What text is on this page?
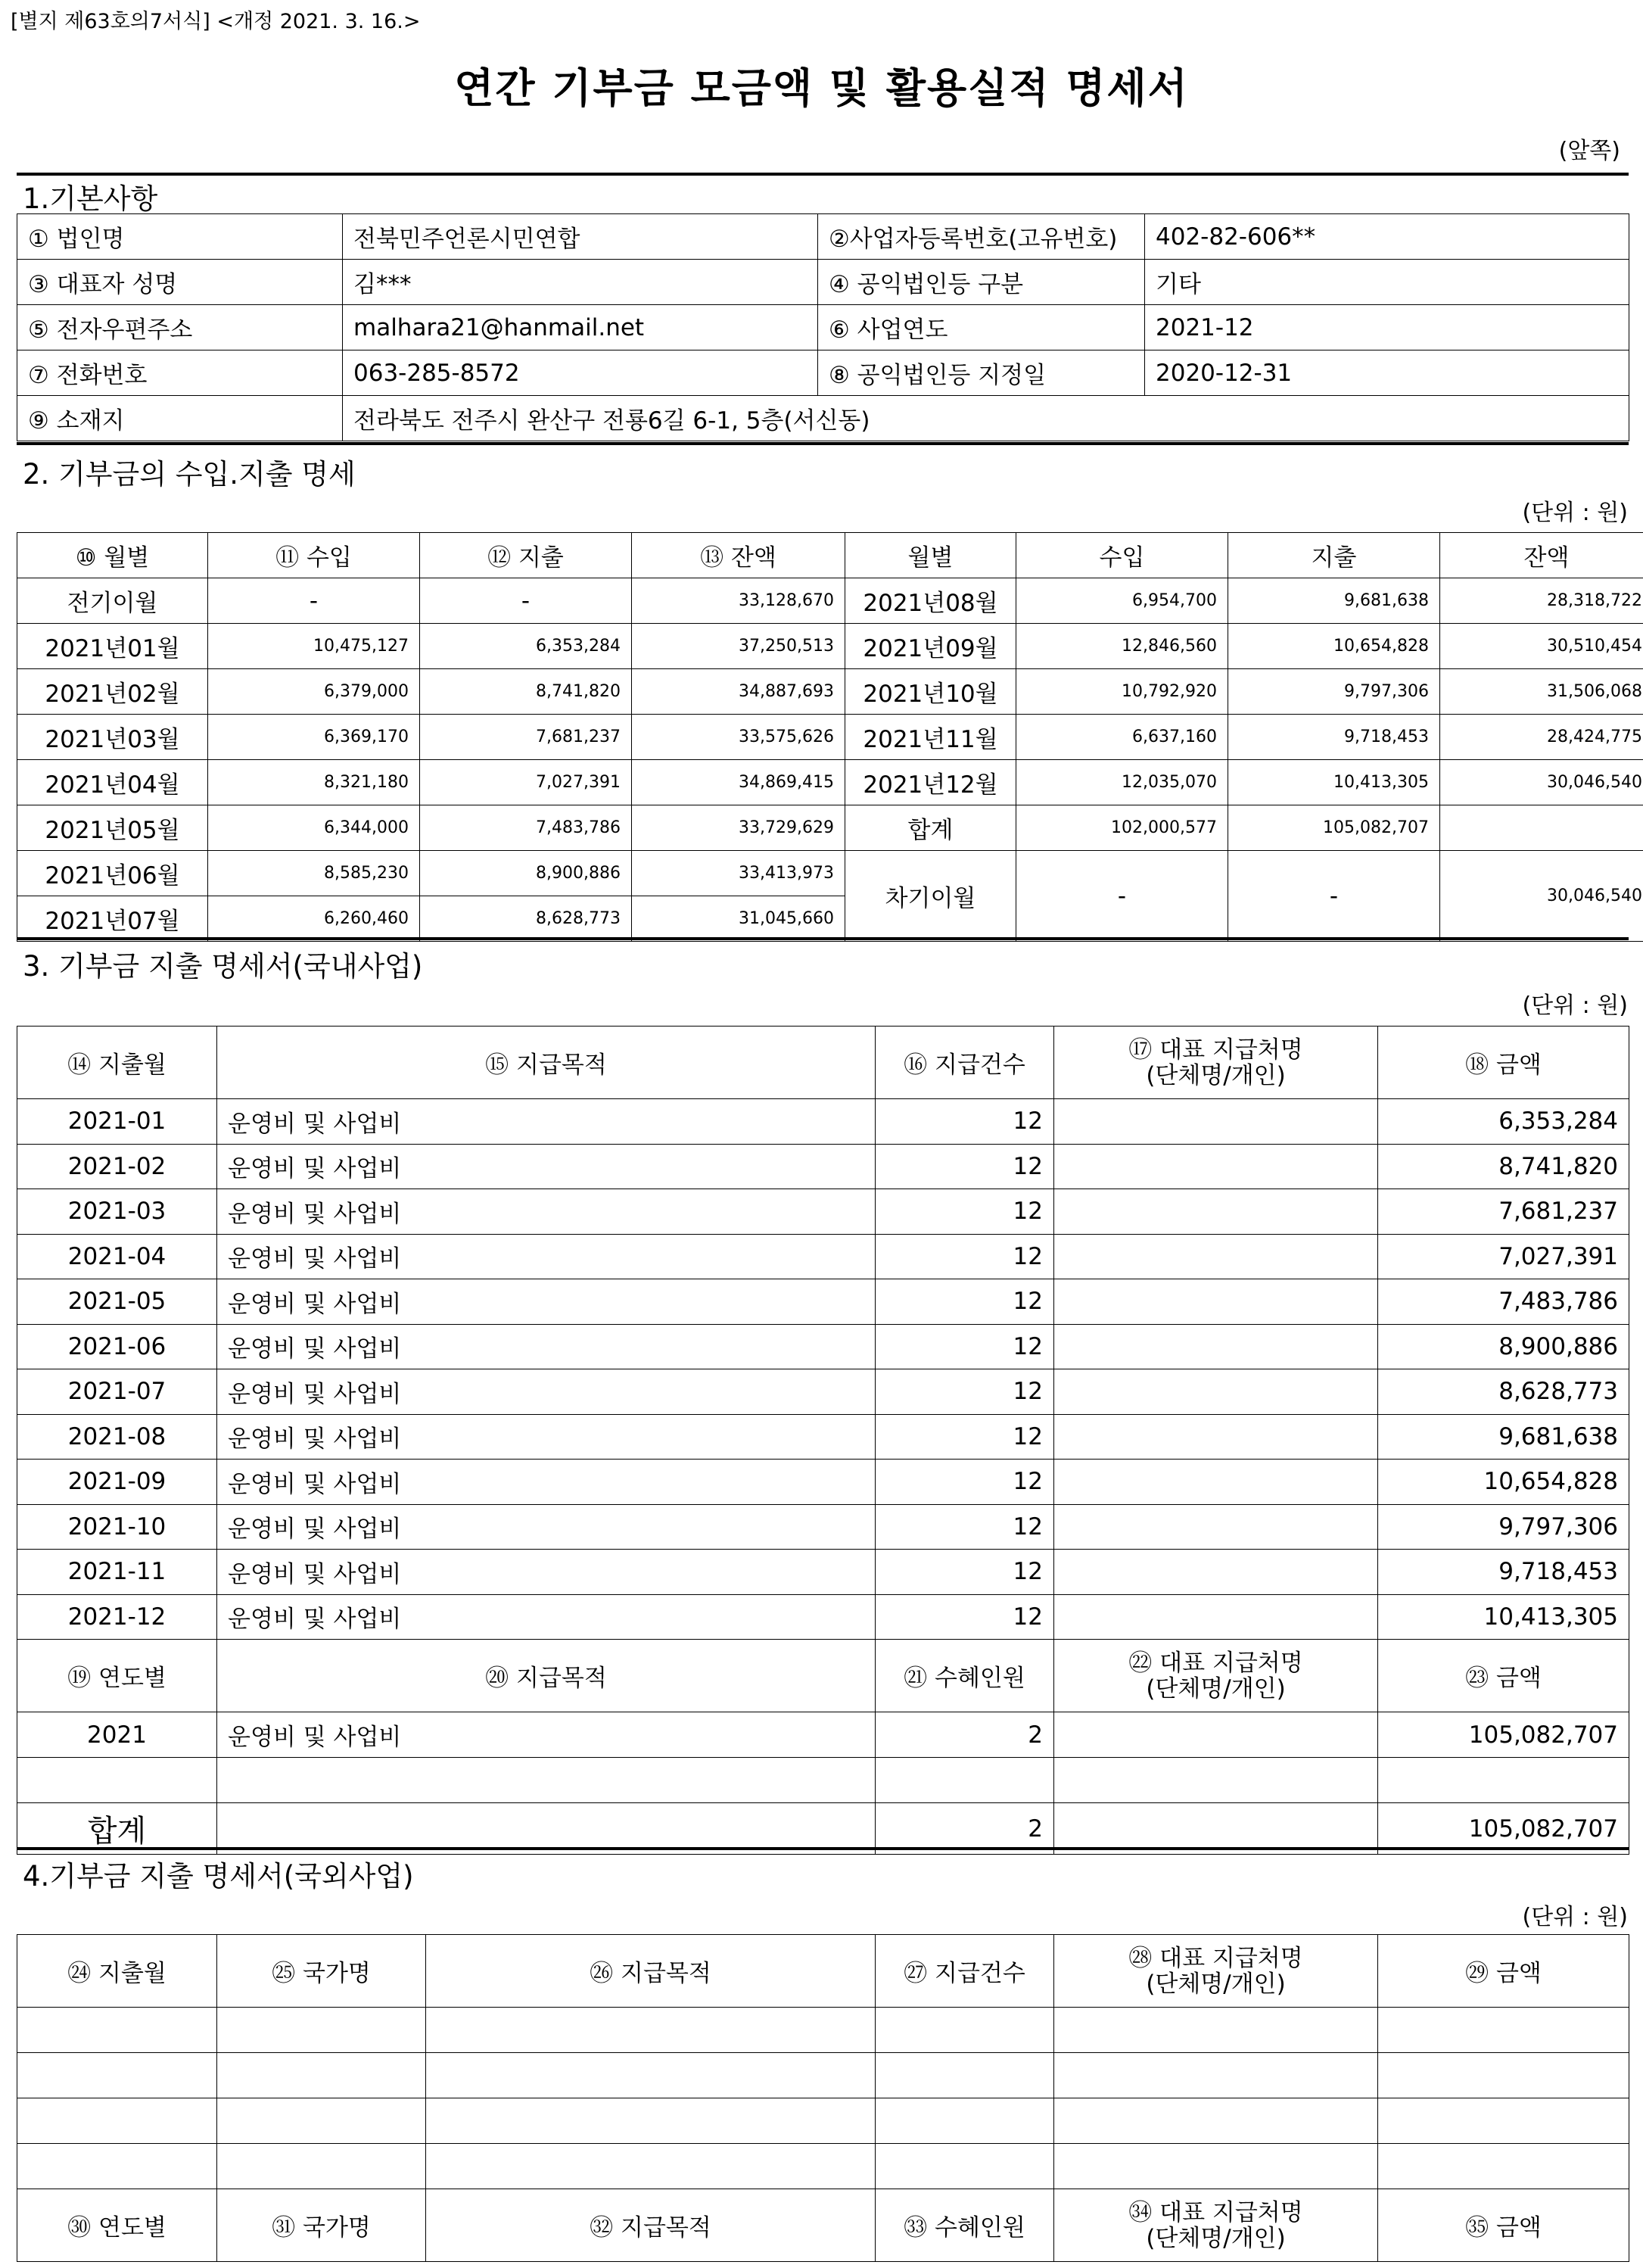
[별지 제63호의7서식] <개정 2021. 3. 16.>
연간 기부금 모금액 및 활용실적 명세서
(앞쪽)
1.기본사항
① 법인명	전북민주언론시민연합	②사업자등록번호(고유번호)	402-82-606**
③ 대표자 성명	김***	④ 공익법인등 구분	기타
⑤ 전자우편주소	malhara21@hanmail.net	⑥ 사업연도	2021-12
⑦ 전화번호	063-285-8572	⑧ 공익법인등 지정일	2020-12-31
⑨ 소재지	전라북도 전주시 완산구 전룡6길 6-1, 5층(서신동)		
2. 기부금의 수입.지출 명세
(단위 : 원)
⑩ 월별	⑪ 수입	⑫ 지출	⑬ 잔액	월별	수입	지출	잔액
전기이월	-	-	33,128,670	2021년08월	6,954,700	9,681,638	28,318,722
2021년01월	10,475,127	6,353,284	37,250,513	2021년09월	12,846,560	10,654,828	30,510,454
2021년02월	6,379,000	8,741,820	34,887,693	2021년10월	10,792,920	9,797,306	31,506,068
2021년03월	6,369,170	7,681,237	33,575,626	2021년11월	6,637,160	9,718,453	28,424,775
2021년04월	8,321,180	7,027,391	34,869,415	2021년12월	12,035,070	10,413,305	30,046,540
2021년05월	6,344,000	7,483,786	33,729,629	합계	102,000,577	105,082,707	
2021년06월	8,585,230	8,900,886	33,413,973	차기이월	-	-	30,046,540
2021년07월	6,260,460	8,628,773	31,045,660				
3. 기부금 지출 명세서(국내사업)
(단위 : 원)
⑭ 지출월	⑮ 지급목적	⑯ 지급건수	⑰ 대표 지급처명
(단체명/개인)	⑱ 금액
2021-01	운영비 및 사업비	12		6,353,284
2021-02	운영비 및 사업비	12		8,741,820
2021-03	운영비 및 사업비	12		7,681,237
2021-04	운영비 및 사업비	12		7,027,391
2021-05	운영비 및 사업비	12		7,483,786
2021-06	운영비 및 사업비	12		8,900,886
2021-07	운영비 및 사업비	12		8,628,773
2021-08	운영비 및 사업비	12		9,681,638
2021-09	운영비 및 사업비	12		10,654,828
2021-10	운영비 및 사업비	12		9,797,306
2021-11	운영비 및 사업비	12		9,718,453
2021-12	운영비 및 사업비	12		10,413,305
⑲ 연도별	⑳ 지급목적	㉑ 수혜인원	㉒ 대표 지급처명
(단체명/개인)	㉓ 금액
2021	운영비 및 사업비	2		105,082,707

합계		2		105,082,707
4.기부금 지출 명세서(국외사업)
(단위 : 원)
㉔ 지출월	㉕ 국가명	㉖ 지급목적	㉗ 지급건수	㉘ 대표 지급처명
(단체명/개인)	㉙ 금액

㉚ 연도별	㉛ 국가명	㉜ 지급목적	㉝ 수혜인원	㉞ 대표 지급처명
(단체명/개인)	㉟ 금액
